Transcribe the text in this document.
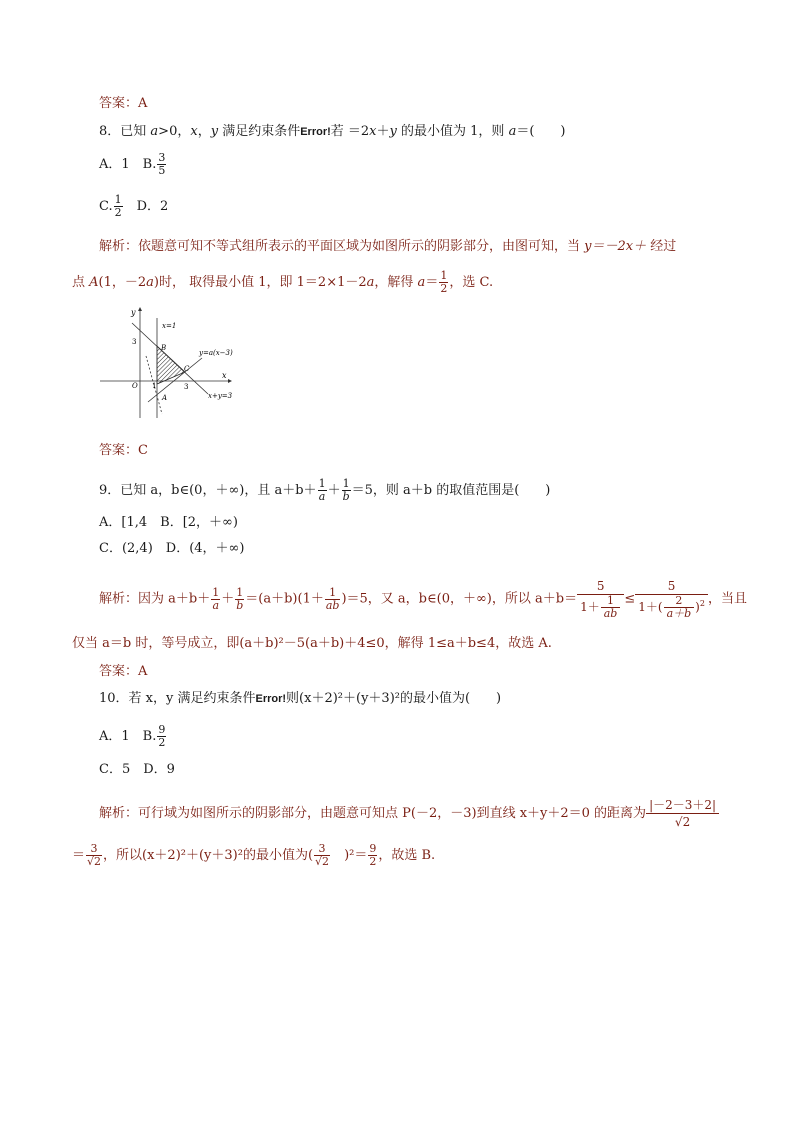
答案：A
8．已知 a>0，x，y 满足约束条件Error!若 ＝2x＋y 的最小值为 1，则 a＝(　　)
A．1　B. $\frac{3}{5}$
C. $\frac{1}{2}$ 　D．2
解析：依题意可知不等式组所表示的平面区域为如图所示的阴影部分，由图可知，当 y＝－2x＋ 经过
点 A(1，－2a)时， 取得最小值 1，即 1＝2×1－2a，解得 $a= \frac{1}{2}$ ，选 C.
y
x
x=1
y=a(x−3)
x+y=3
3
3
O 1
B
C
A
答案：C
9．已知 a，b∈(0，＋∞)，且 $a+b+ \frac{1}{a} + \frac{1}{b} =5$，则 a＋b 的取值范围是(　　)
A．[1,4　B．[2，＋∞)
C．(2,4)　D．(4，＋∞)
解析：因为 $a+b+ \frac{1}{a} + \frac{1}{b} =(a+b)(1+ \frac{1}{ab} )=5$，又 a，b∈(0，＋∞)，所以 $a+b= \frac{5}{1+ \frac{1}{ab}} \le \frac{5}{1+( \frac{2}{a+b} )^2}$ ，当且
仅当 a＝b 时，等号成立，即(a＋b)²－5(a＋b)＋4≤0，解得 1≤a＋b≤4，故选 A.
答案：A
10．若 x，y 满足约束条件Error!则(x＋2)²＋(y＋3)²的最小值为(　　)
A．1　B. $\frac{9}{2}$
C．5　D．9
解析：可行域为如图所示的阴影部分，由题意可知点 P(－2，－3)到直线 x＋y＋2＝0 的距离为 $\frac{|-2-3+2|}{√2}$
＝ $\frac{3}{√2}$ ，所以(x＋2)²＋(y＋3)²的最小值为( $\frac{3}{√2}$ 　)$^2= \frac{9}{2}$ ，故选 B.
